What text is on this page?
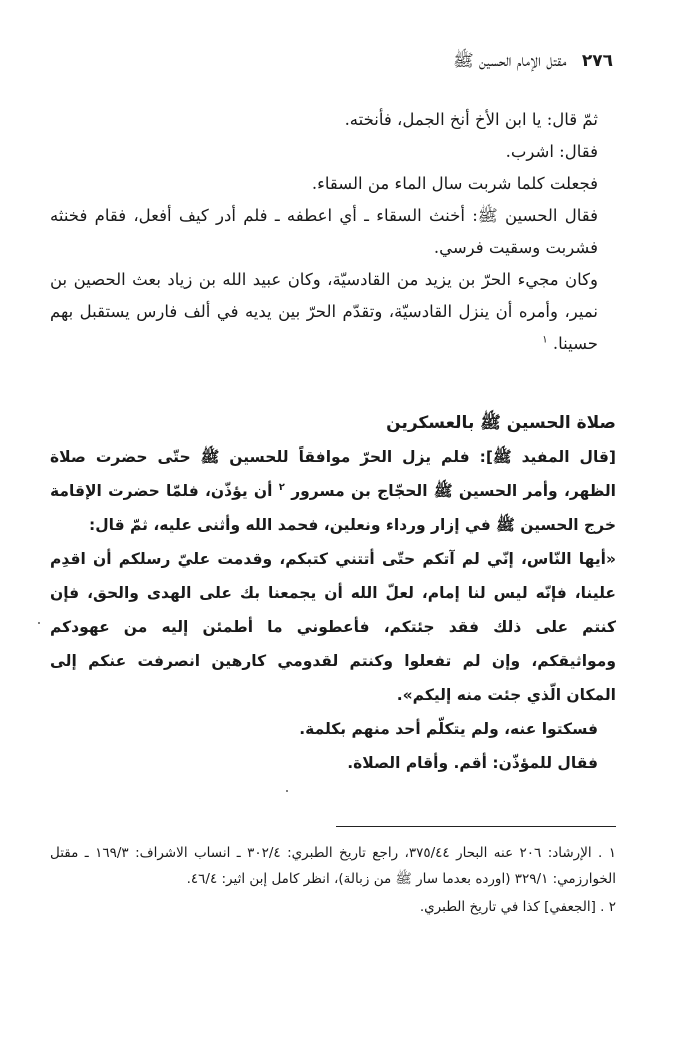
٢٧٦ مقتل الإمام الحسين ﷺ

ثمّ قال: يا ابن الأخ أنخ الجمل، فأنخته.

فقال: اشرب.

فجعلت كلما شربت سال الماء من السقاء.

فقال الحسين ﷺ: أخنث السقاء ـ أي اعطفه ـ فلم أدر كيف أفعل، فقام فخنثه فشربت وسقيت فرسي.

وكان مجيء الحرّ بن يزيد من القادسيّة، وكان عبيد الله بن زياد بعث الحصين بن نمير، وأمره أن ينزل القادسيّة، وتقدّم الحرّ بين يديه في ألف فارس يستقبل بهم حسينا. $^١$

صلاة الحسين ﷺ بالعسكرين

[قال المفيد ﷺ]: فلم يزل الحرّ موافقاً للحسين ﷺ حتّى حضرت صلاة الظهر، وأمر الحسين ﷺ الحجّاج بن مسرور $^٢$ أن يؤذّن، فلمّا حضرت الإقامة خرج الحسين ﷺ في إزار ورداء ونعلين، فحمد الله وأثنى عليه، ثمّ قال:

«أيها النّاس، إنّي لم آتكم حتّى أتتني كتبكم، وقدمت عليّ رسلكم أن اقدِم علينا، فإنّه ليس لنا إمام، لعلّ الله أن يجمعنا بك على الهدى والحق، فإن كنتم على ذلك فقد جئتكم، فأعطوني ما أطمئن إليه من عهودكم ومواثيقكم، وإن لم تفعلوا وكنتم لقدومي كارهين انصرفت عنكم إلى المكان الّذي جئت منه إليكم».

فسكتوا عنه، ولم يتكلّم أحد منهم بكلمة.

فقال للمؤذّن: أقم. وأقام الصلاة.

١ . الإرشاد: ٢٠٦ عنه البحار ٣٧٥/٤٤، راجع تاريخ الطبري: ٣٠٢/٤ ـ انساب الاشراف: ١٦٩/٣ ـ مقتل الخوارزمي: ٣٢٩/١ (اورده بعدما سار ﷺ من زبالة)، انظر كامل إبن اثير: ٤٦/٤.

٢ . [الجعفي] كذا في تاريخ الطبري.
